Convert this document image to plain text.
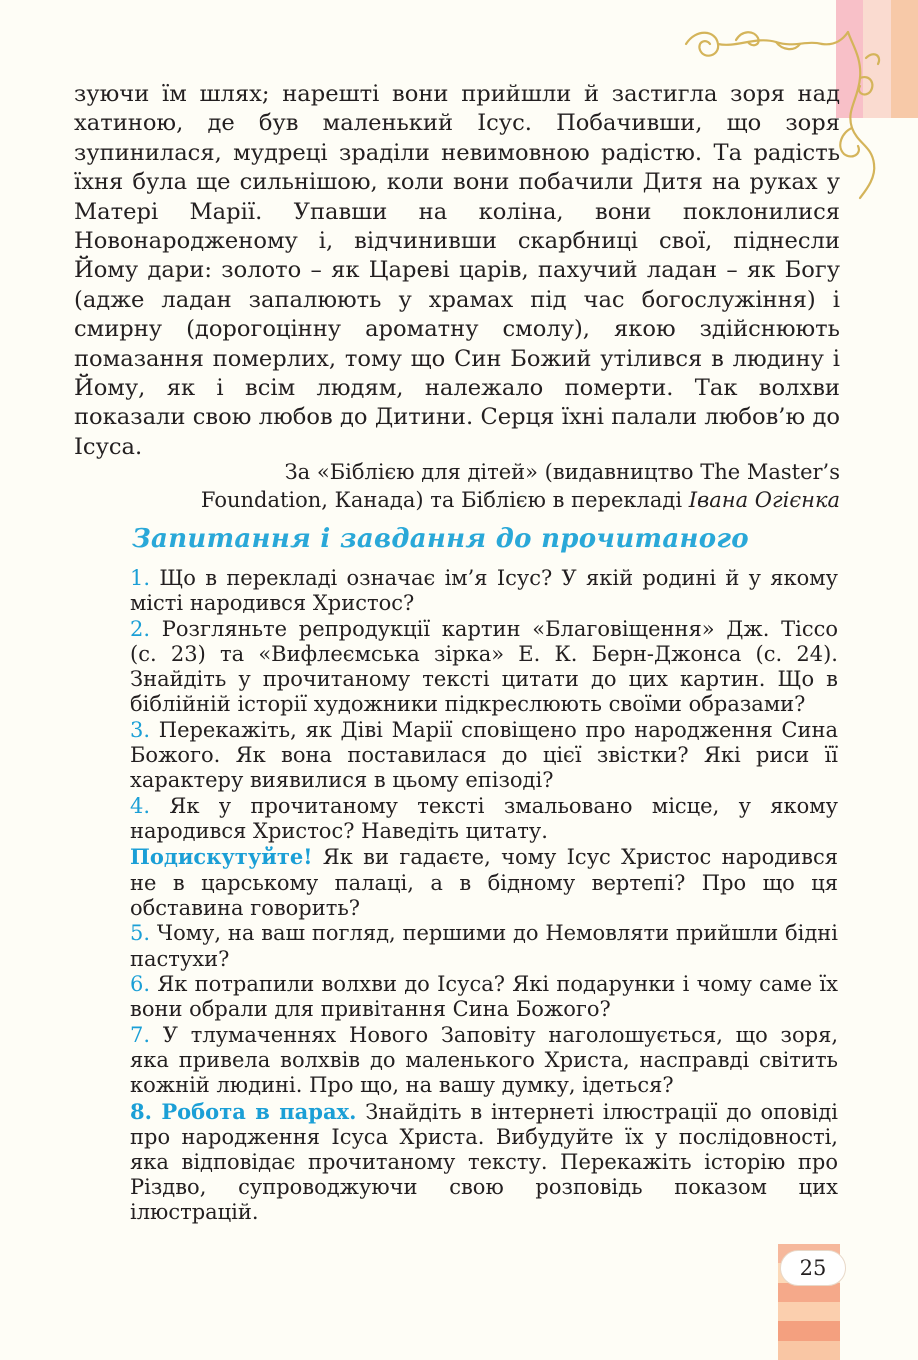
зуючи їм шлях; нарешті вони прийшли й застигла зоря над хатиною, де був маленький Ісус. Побачивши, що зоря зупинилася, мудреці зраділи невимовною радістю. Та радість їхня була ще сильнішою, коли вони побачили Дитя на руках у Матері Марії. Упавши на коліна, вони поклонилися Новонародженому і, відчинивши скарбниці свої, піднесли Йому дари: золото – як Цареві царів, пахучий ладан – як Богу (адже ладан запалюють у храмах під час богослужіння) і смирну (дорогоцінну ароматну смолу), якою здійснюють помазання померлих, тому що Син Божий утілився в людину і Йому, як і всім людям, належало померти. Так волхви показали свою любов до Дитини. Серця їхні палали любов’ю до Ісуса.

За «Біблією для дітей» (видавництво The Master’s
Foundation, Канада) та Біблією в перекладі Івана Огієнка

Запитання і завдання до прочитаного
1. Що в перекладі означає ім’я Ісус? У якій родині й у якому місті народився Христос?
2. Розгляньте репродукції картин «Благовіщення» Дж. Тіссо (с. 23) та «Вифлеємська зірка» Е. К. Берн-Джонса (с. 24). Знайдіть у прочитаному тексті цитати до цих картин. Що в біблійній історії художники підкреслюють своїми образами?
3. Перекажіть, як Діві Марії сповіщено про народження Сина Божого. Як вона поставилася до цієї звістки? Які риси її характеру виявилися в цьому епізоді?
4. Як у прочитаному тексті змальовано місце, у якому народився Христос? Наведіть цитату.
Подискутуйте! Як ви гадаєте, чому Ісус Христос народився не в царському палаці, а в бідному вертепі? Про що ця обставина говорить?
5. Чому, на ваш погляд, першими до Немовляти прийшли бідні пастухи?
6. Як потрапили волхви до Ісуса? Які подарунки і чому саме їх вони обрали для привітання Сина Божого?
7. У тлумаченнях Нового Заповіту наголошується, що зоря, яка привела волхвів до маленького Христа, насправді світить кожній людині. Про що, на вашу думку, ідеться?
8. Робота в парах. Знайдіть в інтернеті ілюстрації до оповіді про народження Ісуса Христа. Вибудуйте їх у послідовності, яка відповідає прочитаному тексту. Перекажіть історію про Різдво, супроводжуючи свою розповідь показом цих ілюстрацій.
25
